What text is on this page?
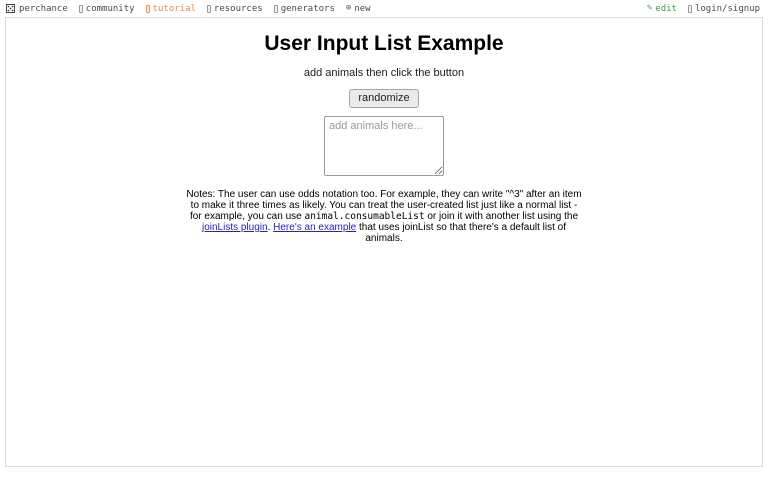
perchance community tutorial resources generators ⊕ new	✎ edit login/signup
User Input List Example
add animals then click the button
randomize
add animals here...

Notes: The user can use odds notation too. For example, they can write "^3" after an item to make it three times as likely. You can treat the user-created list just like a normal list - for example, you can use animal.consumableList or join it with another list using the joinLists plugin. Here's an example that uses joinList so that there's a default list of animals.
